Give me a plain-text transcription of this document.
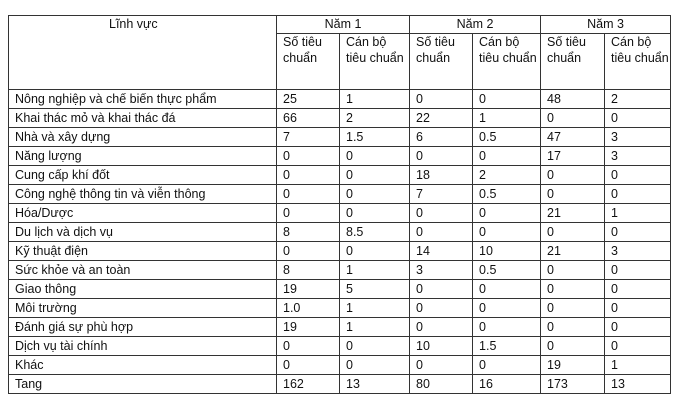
Lĩnh vực	Năm 1		Năm 2		Năm 3	
	Số tiêu chuẩn	Cán bộ tiêu chuẩn	Số tiêu chuẩn	Cán bộ tiêu chuẩn	Số tiêu chuẩn	Cán bộ tiêu chuẩn
Nông nghiệp và chế biến thực phẩm	25	1	0	0	48	2
Khai thác mỏ và khai thác đá	66	2	22	1	0	0
Nhà và xây dựng	7	1.5	6	0.5	47	3
Năng lượng	0	0	0	0	17	3
Cung cấp khí đốt	0	0	18	2	0	0
Công nghệ thông tin và viễn thông	0	0	7	0.5	0	0
Hóa/Dược	0	0	0	0	21	1
Du lịch và dịch vụ	8	8.5	0	0	0	0
Kỹ thuật điện	0	0	14	10	21	3
Sức khỏe và an toàn	8	1	3	0.5	0	0
Giao thông	19	5	0	0	0	0
Môi trường	1.0	1	0	0	0	0
Đánh giá sự phù hợp	19	1	0	0	0	0
Dịch vụ tài chính	0	0	10	1.5	0	0
Khác	0	0	0	0	19	1
Tang	162	13	80	16	173	13
